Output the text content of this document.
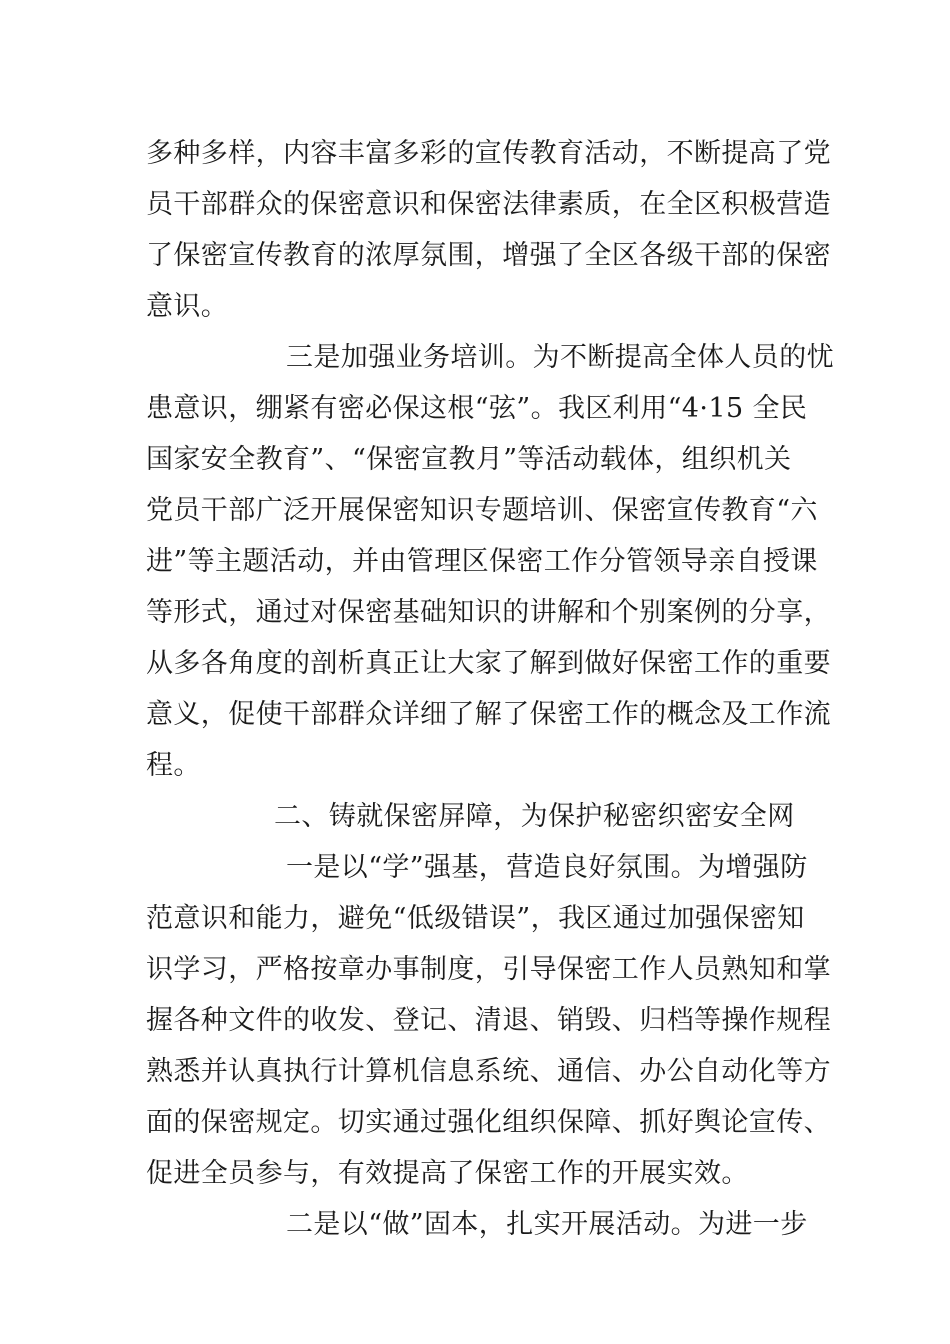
多种多样，内容丰富多彩的宣传教育活动，不断提高了党
员干部群众的保密意识和保密法律素质，在全区积极营造
了保密宣传教育的浓厚氛围，增强了全区各级干部的保密
意识。
三是加强业务培训。为不断提高全体人员的忧
患意识，绷紧有密必保这根“弦”。我区利用“4·15 全民
国家安全教育”、“保密宣教月”等活动载体，组织机关
党员干部广泛开展保密知识专题培训、保密宣传教育“六
进”等主题活动，并由管理区保密工作分管领导亲自授课
等形式，通过对保密基础知识的讲解和个别案例的分享，
从多各角度的剖析真正让大家了解到做好保密工作的重要
意义，促使干部群众详细了解了保密工作的概念及工作流
程。
二、铸就保密屏障，为保护秘密织密安全网
一是以“学”强基，营造良好氛围。为增强防
范意识和能力，避免“低级错误”，我区通过加强保密知
识学习，严格按章办事制度，引导保密工作人员熟知和掌
握各种文件的收发、登记、清退、销毁、归档等操作规程
熟悉并认真执行计算机信息系统、通信、办公自动化等方
面的保密规定。切实通过强化组织保障、抓好舆论宣传、
促进全员参与，有效提高了保密工作的开展实效。
二是以“做”固本，扎实开展活动。为进一步
